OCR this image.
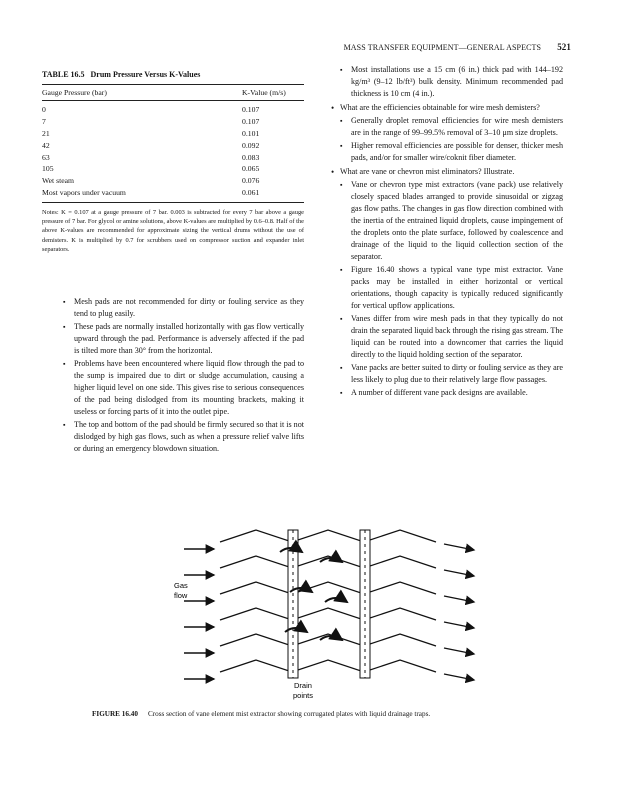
MASS TRANSFER EQUIPMENT—GENERAL ASPECTS 521
TABLE 16.5 Drum Pressure Versus K-Values
Gauge Pressure (bar)	K-Value (m/s)
0	0.107
7	0.107
21	0.101
42	0.092
63	0.083
105	0.065
Wet steam	0.076
Most vapors under vacuum	0.061
Notes: K = 0.107 at a gauge pressure of 7 bar. 0.003 is subtracted for every 7 bar above a gauge pressure of 7 bar. For glycol or amine solutions, above K-values are multiplied by 0.6–0.8. Half of the above K-values are recommended for approximate sizing the vertical drums without the use of demisters. K is multiplied by 0.7 for scrubbers used on compressor suction and expander inlet separators.
▪ Mesh pads are not recommended for dirty or fouling service as they tend to plug easily.
▪ These pads are normally installed horizontally with gas flow vertically upward through the pad. Performance is adversely affected if the pad is tilted more than 30° from the horizontal.
▪ Problems have been encountered where liquid flow through the pad to the sump is impaired due to dirt or sludge accumulation, causing a higher liquid level on one side. This gives rise to serious consequences of the pad being dislodged from its mounting brackets, making it useless or forcing parts of it into the outlet pipe.
▪ The top and bottom of the pad should be firmly secured so that it is not dislodged by high gas flows, such as when a pressure relief valve lifts or during an emergency blowdown situation.
▪ Most installations use a 15 cm (6 in.) thick pad with 144–192 kg/m³ (9–12 lb/ft³) bulk density. Minimum recommended pad thickness is 10 cm (4 in.).

• What are the efficiencies obtainable for wire mesh demisters?

▪ Generally droplet removal efficiencies for wire mesh demisters are in the range of 99–99.5% removal of 3–10 μm size droplets.
▪ Higher removal efficiencies are possible for denser, thicker mesh pads, and/or for smaller wire/coknit fiber diameter.

• What are vane or chevron mist eliminators? Illustrate.

▪ Vane or chevron type mist extractors (vane pack) use relatively closely spaced blades arranged to provide sinusoidal or zigzag gas flow paths. The changes in gas flow direction combined with the inertia of the entrained liquid droplets, cause impingement of the droplets onto the plate surface, followed by coalescence and drainage of the liquid to the liquid collection section of the separator.
▪ Figure 16.40 shows a typical vane type mist extractor. Vane packs may be installed in either horizontal or vertical orientations, though capacity is typically reduced significantly for vertical upflow applications.
▪ Vanes differ from wire mesh pads in that they typically do not drain the separated liquid back through the rising gas stream. The liquid can be routed into a downcomer that carries the liquid directly to the liquid holding section of the separator.
▪ Vane packs are better suited to dirty or fouling service as they are less likely to plug due to their relatively large flow passages.
▪ A number of different vane pack designs are available.
Gas
flow
Drain
points
FIGURE 16.40 Cross section of vane element mist extractor showing corrugated plates with liquid drainage traps.
